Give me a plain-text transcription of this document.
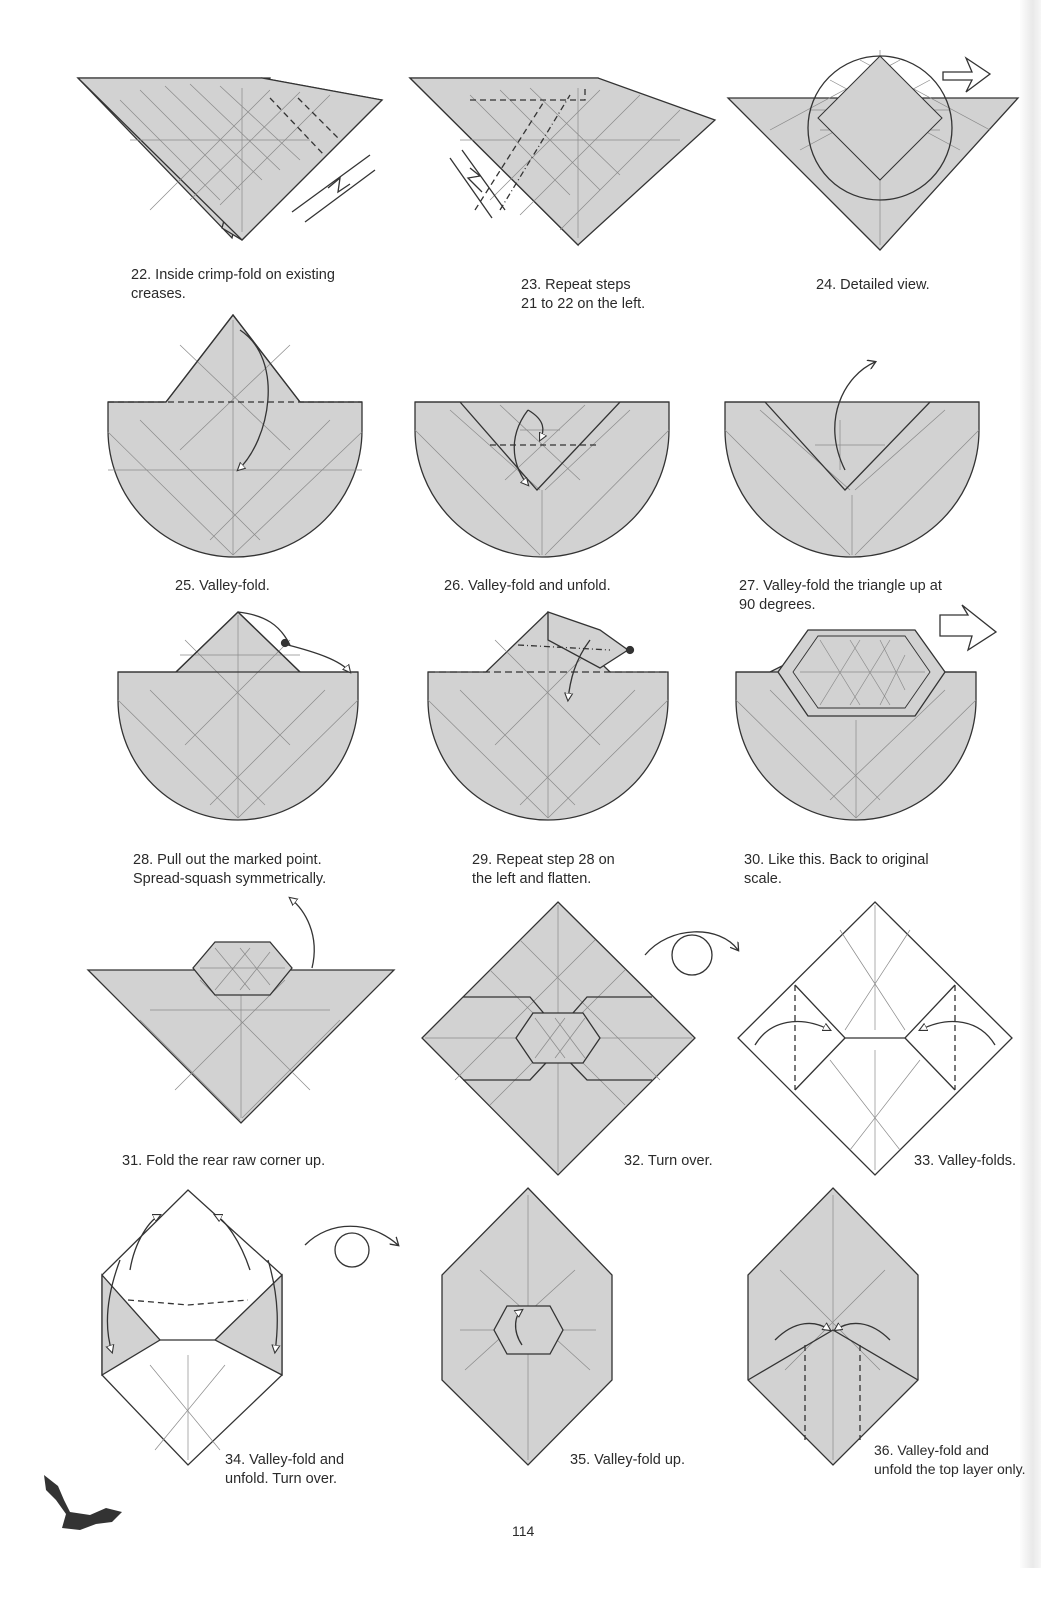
22. Inside crimp-fold on existing
creases.
23. Repeat steps
21 to 22 on the left.
24. Detailed view.
25. Valley-fold.	26. Valley-fold and unfold.	27. Valley-fold the triangle up at
90 degrees.
28. Pull out the marked point.
Spread-squash symmetrically.
29. Repeat step 28 on
the left and flatten.
30. Like this. Back to original
scale.
31. Fold the rear raw corner up.	32. Turn over.	33. Valley-folds.
34. Valley-fold and
unfold. Turn over.
35. Valley-fold up.
36. Valley-fold and
unfold the top layer only.
114
